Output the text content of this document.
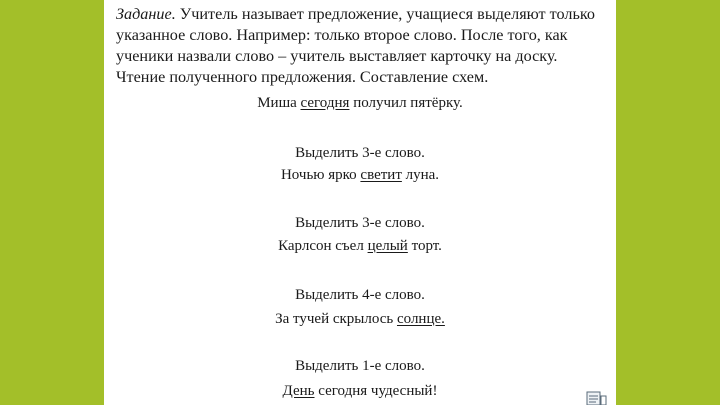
Задание. Учитель называет предложение, учащиеся выделяют только указанное слово. Например: только второе слово. После того, как ученики назвали слово – учитель выставляет карточку на доску. Чтение полученного предложения. Составление схем.

Миша сегодня получил пятёрку.
Выделить 3-е слово.
Ночью ярко светит луна.
Выделить 3-е слово.
Карлсон съел целый торт.
Выделить 4-е слово.
За тучей скрылось солнце.
Выделить 1-е слово.
День сегодня чудесный!
